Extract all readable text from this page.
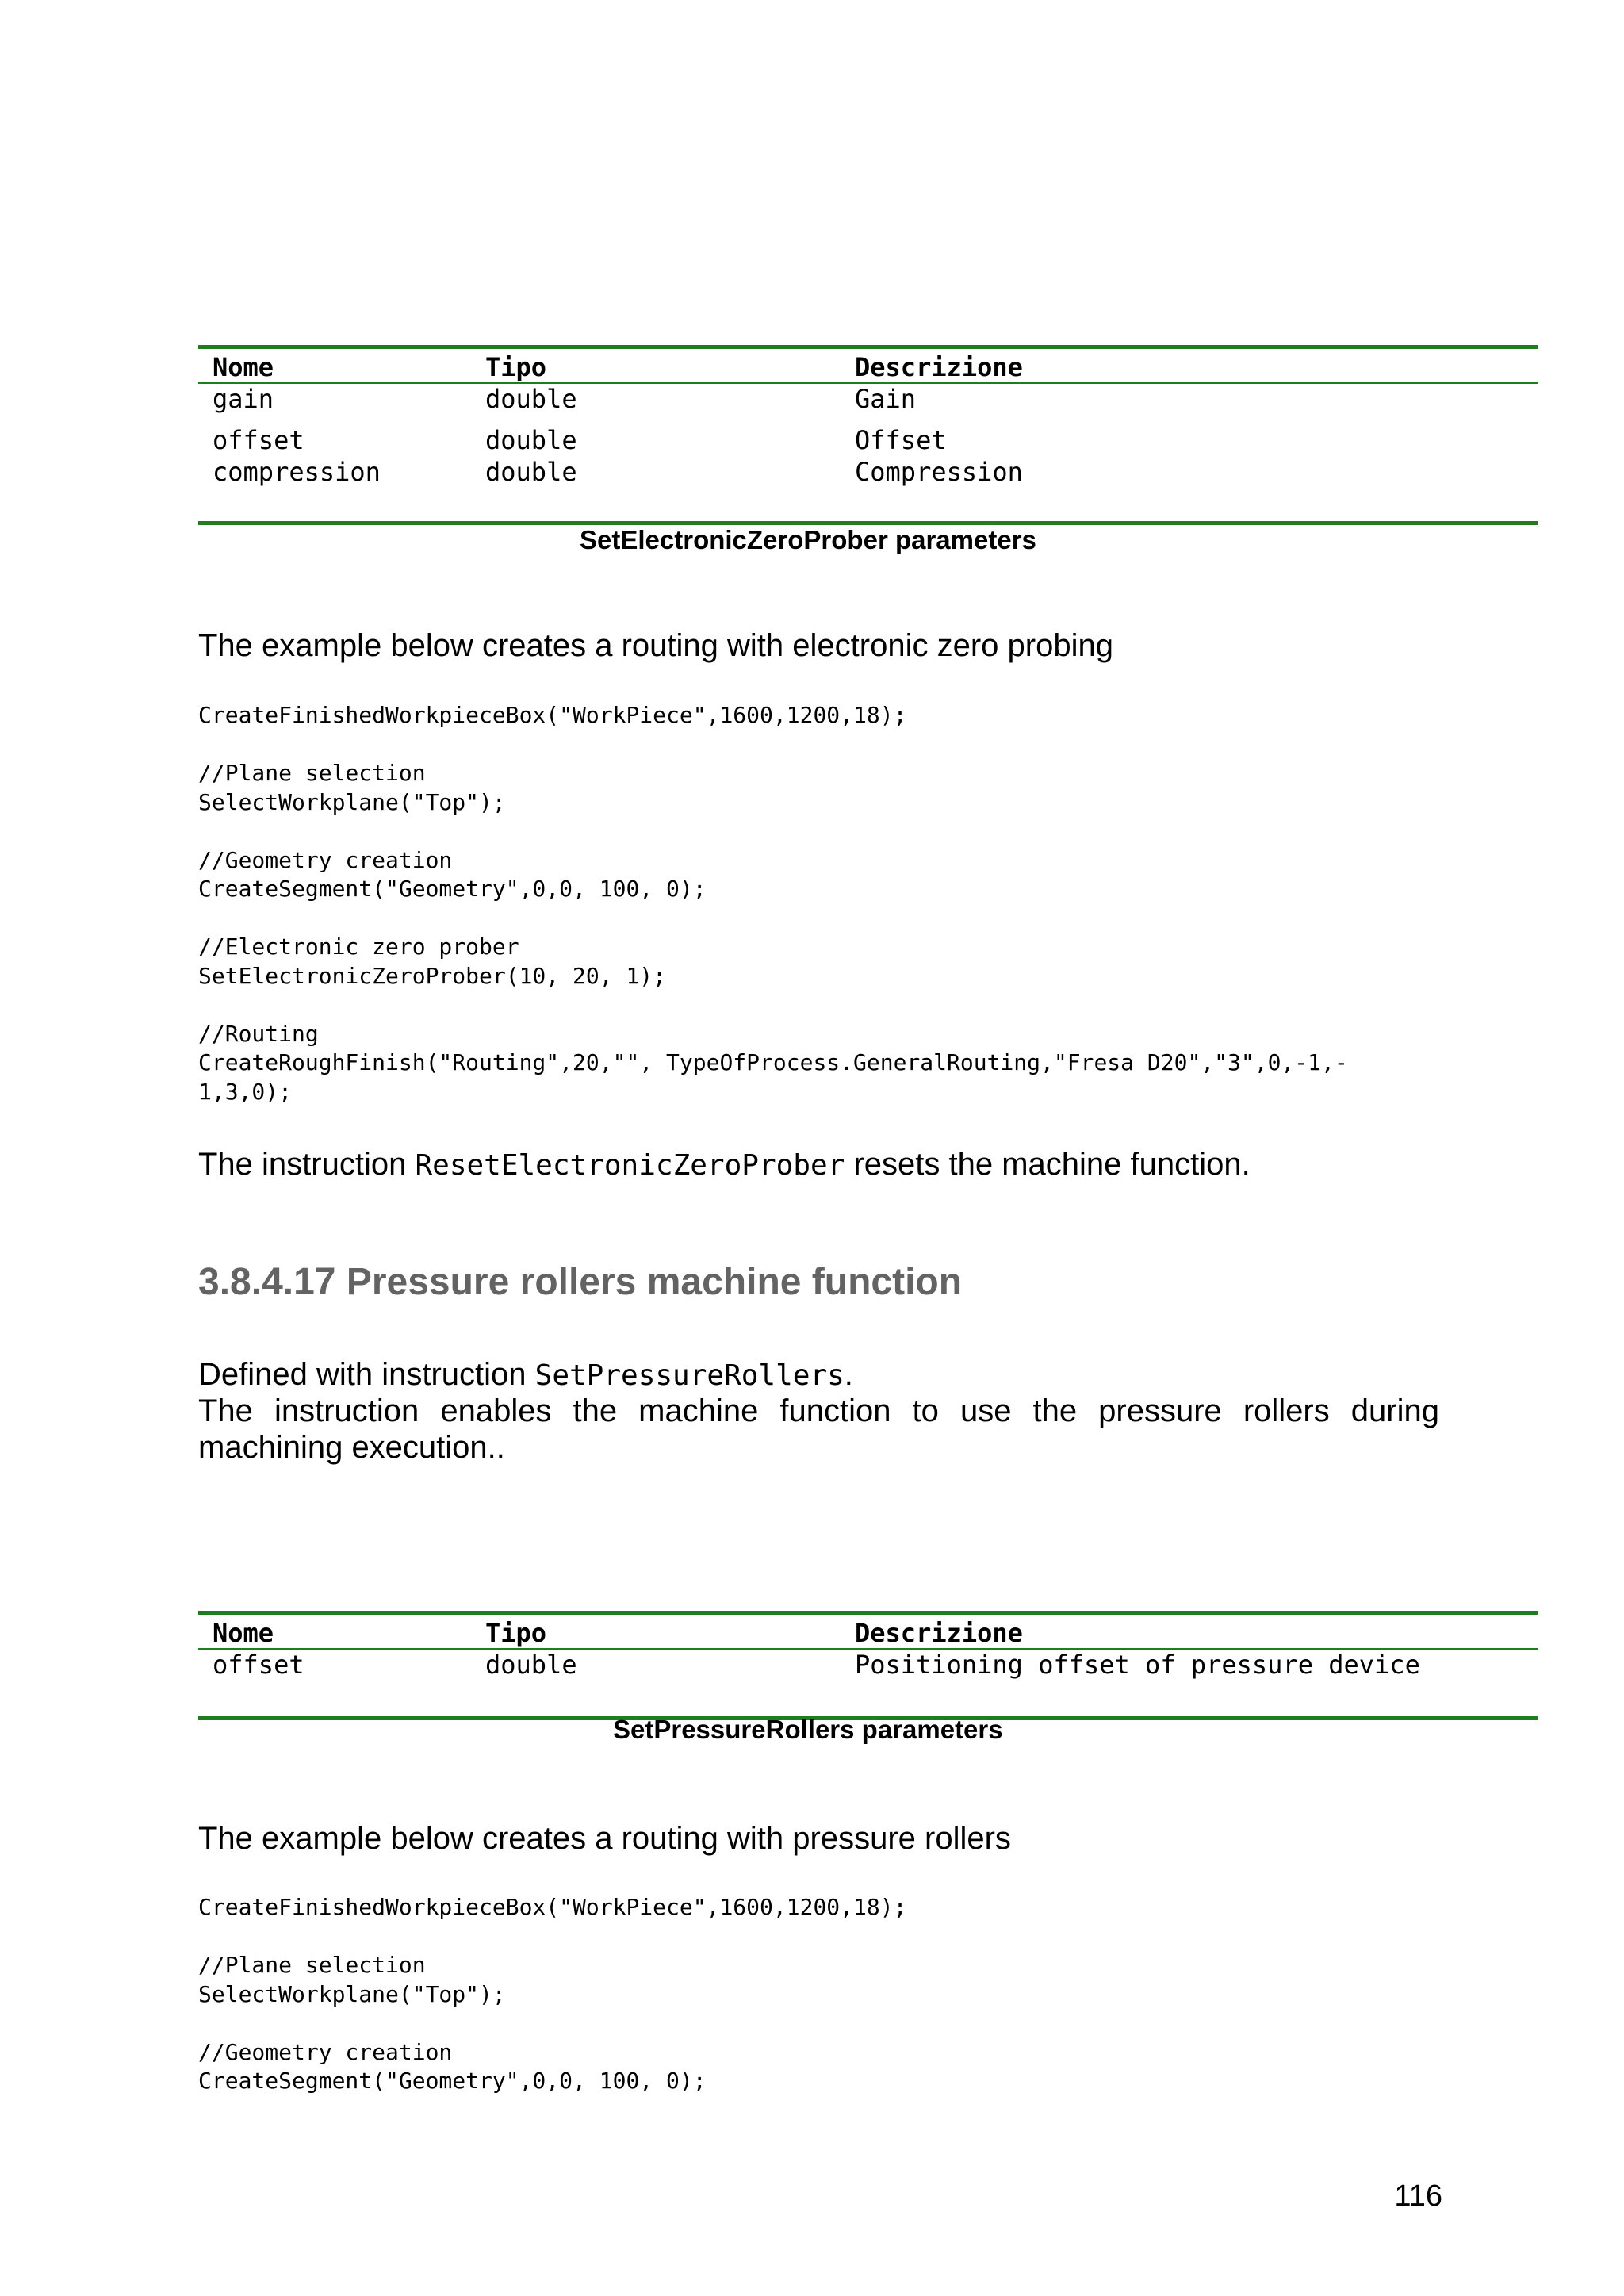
Nome	Tipo	Descrizione
gain	double	Gain
offset	double	Offset
compression	double	Compression
SetElectronicZeroProber parameters
The example below creates a routing with electronic zero probing
CreateFinishedWorkpieceBox("WorkPiece",1600,1200,18);

//Plane selection
SelectWorkplane("Top");

//Geometry creation
CreateSegment("Geometry",0,0, 100, 0);

//Electronic zero prober
SetElectronicZeroProber(10, 20, 1);

//Routing
CreateRoughFinish("Routing",20,"", TypeOfProcess.GeneralRouting,"Fresa D20","3",0,-1,-
1,3,0);
The instruction ResetElectronicZeroProber resets the machine function.
3.8.4.17 Pressure rollers machine function
Defined with instruction SetPressureRollers.
The instruction enables the machine function to use the pressure rollers during machining execution..
Nome	Tipo	Descrizione
offset	double	Positioning offset of pressure device
SetPressureRollers parameters
The example below creates a routing with pressure rollers
CreateFinishedWorkpieceBox("WorkPiece",1600,1200,18);

//Plane selection
SelectWorkplane("Top");

//Geometry creation
CreateSegment("Geometry",0,0, 100, 0);
116
